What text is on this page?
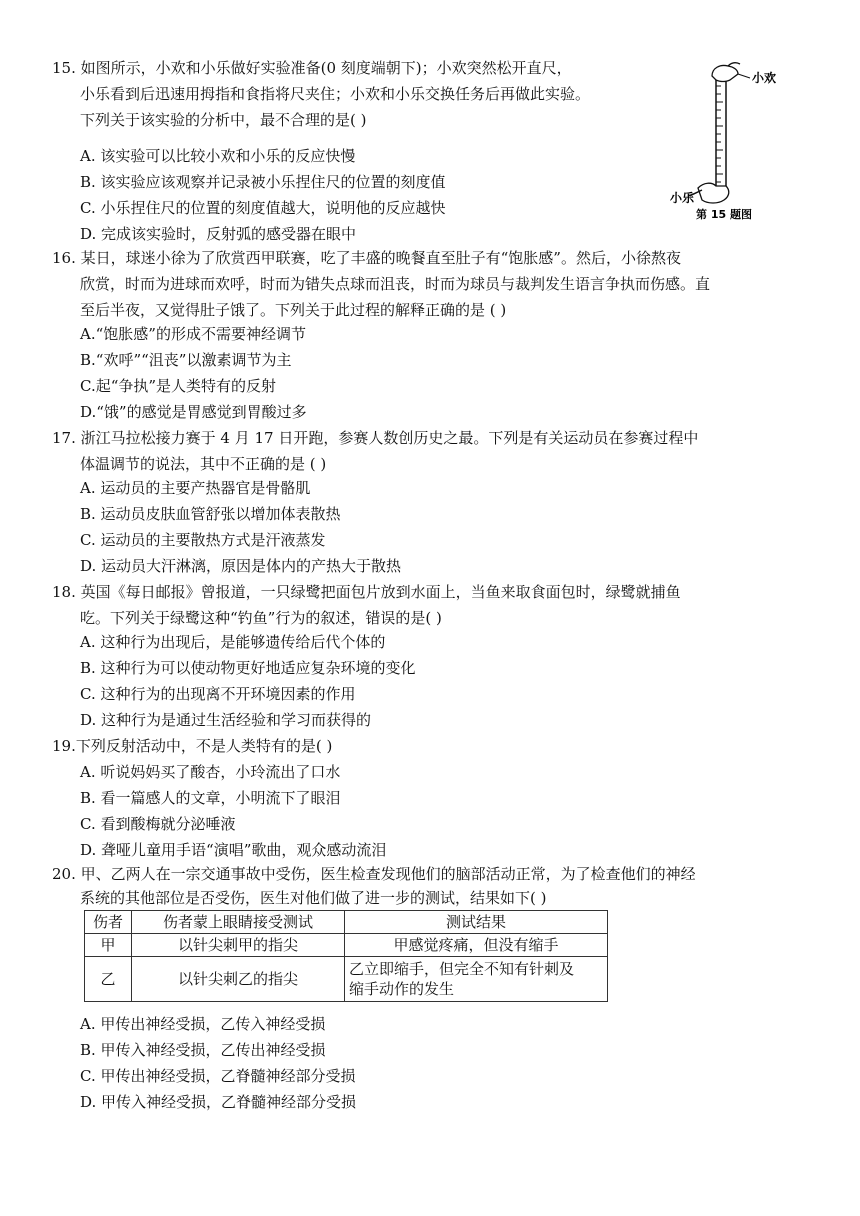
15. 如图所示，小欢和小乐做好实验准备(0 刻度端朝下)；小欢突然松开直尺，
小乐看到后迅速用拇指和食指将尺夹住；小欢和小乐交换任务后再做此实验。
下列关于该实验的分析中，最不合理的是( )
A. 该实验可以比较小欢和小乐的反应快慢
B. 该实验应该观察并记录被小乐捏住尺的位置的刻度值
C. 小乐捏住尺的位置的刻度值越大，说明他的反应越快
D. 完成该实验时，反射弧的感受器在眼中
小欢
小乐
第 15 题图
16. 某日，球迷小徐为了欣赏西甲联赛，吃了丰盛的晚餐直至肚子有“饱胀感”。然后，小徐熬夜
欣赏，时而为进球而欢呼，时而为错失点球而沮丧，时而为球员与裁判发生语言争执而伤感。直
至后半夜，又觉得肚子饿了。下列关于此过程的解释正确的是 ( )
A.“饱胀感”的形成不需要神经调节
B.“欢呼”“沮丧”以激素调节为主
C.起“争执”是人类特有的反射
D.“饿”的感觉是胃感觉到胃酸过多
17. 浙江马拉松接力赛于 4 月 17 日开跑，参赛人数创历史之最。下列是有关运动员在参赛过程中
体温调节的说法，其中不正确的是 ( )
A. 运动员的主要产热器官是骨骼肌
B. 运动员皮肤血管舒张以增加体表散热
C. 运动员的主要散热方式是汗液蒸发
D. 运动员大汗淋漓，原因是体内的产热大于散热
18. 英国《每日邮报》曾报道，一只绿鹭把面包片放到水面上，当鱼来取食面包时，绿鹭就捕鱼
吃。下列关于绿鹭这种“钓鱼”行为的叙述，错误的是( )
A. 这种行为出现后，是能够遗传给后代个体的
B. 这种行为可以使动物更好地适应复杂环境的变化
C. 这种行为的出现离不开环境因素的作用
D. 这种行为是通过生活经验和学习而获得的
19.下列反射活动中，不是人类特有的是( )
A. 听说妈妈买了酸杏，小玲流出了口水
B. 看一篇感人的文章，小明流下了眼泪
C. 看到酸梅就分泌唾液
D. 聋哑儿童用手语“演唱”歌曲，观众感动流泪
20. 甲、乙两人在一宗交通事故中受伤，医生检查发现他们的脑部活动正常，为了检查他们的神经
系统的其他部位是否受伤，医生对他们做了进一步的测试，结果如下( )
伤者	伤者蒙上眼睛接受测试	测试结果
甲	以针尖刺甲的指尖	甲感觉疼痛，但没有缩手
乙	以针尖刺乙的指尖	乙立即缩手，但完全不知有针刺及
缩手动作的发生
A. 甲传出神经受损，乙传入神经受损
B. 甲传入神经受损，乙传出神经受损
C. 甲传出神经受损，乙脊髓神经部分受损
D. 甲传入神经受损，乙脊髓神经部分受损
